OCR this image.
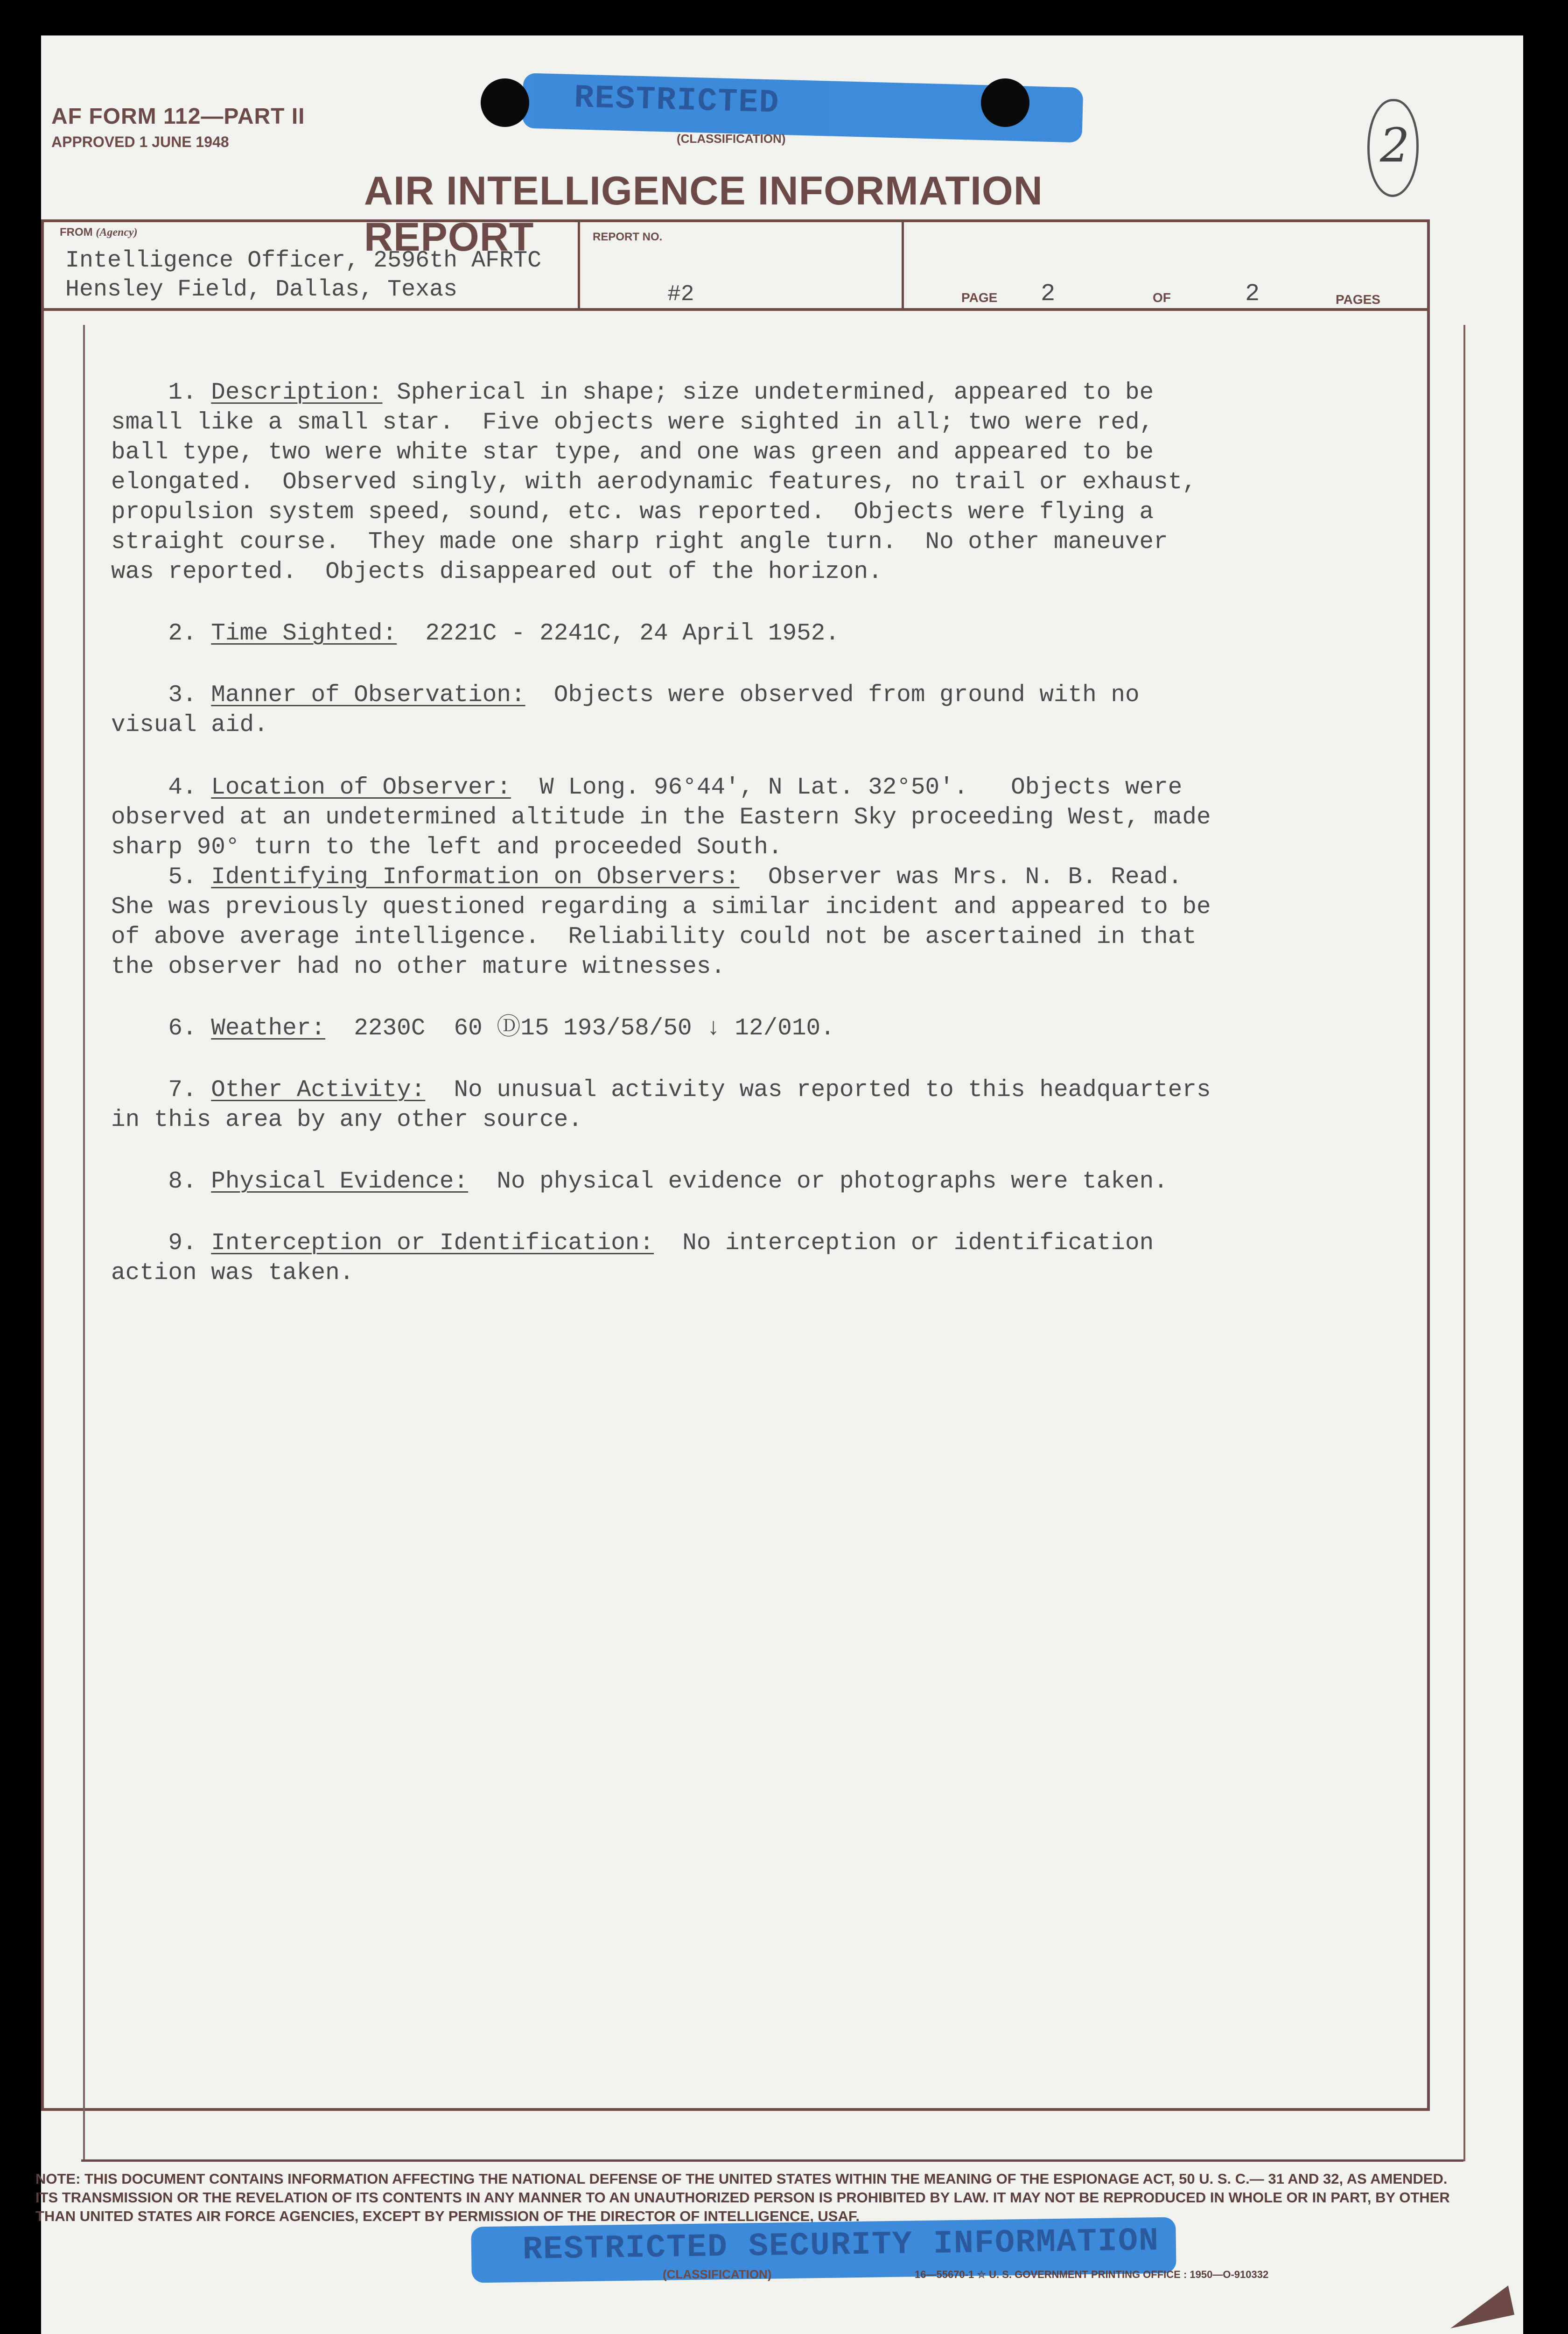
AF FORM 112—PART II
APPROVED 1 JUNE 1948
RESTRICTED
(CLASSIFICATION)	2
AIR INTELLIGENCE INFORMATION REPORT
FROM (Agency)	REPORT NO.
Intelligence Officer, 2596th AFRTC
Hensley Field, Dallas, Texas	#2	PAGE 2	OF	2	PAGES

1. Description: Spherical in shape; size undetermined, appeared to be
small like a small star.  Five objects were sighted in all; two were red,
ball type, two were white star type, and one was green and appeared to be
elongated.  Observed singly, with aerodynamic features, no trail or exhaust,
propulsion system speed, sound, etc. was reported.  Objects were flying a
straight course.  They made one sharp right angle turn.  No other maneuver
was reported.  Objects disappeared out of the horizon.

2. Time Sighted:  2221C - 2241C, 24 April 1952.

3. Manner of Observation:  Objects were observed from ground with no
visual aid.

4. Location of Observer:  W Long. 96°44', N Lat. 32°50'.   Objects were
observed at an undetermined altitude in the Eastern Sky proceeding West, made
sharp 90° turn to the left and proceeded South.

5. Identifying Information on Observers:  Observer was Mrs. N. B. Read.
She was previously questioned regarding a similar incident and appeared to be
of above average intelligence.  Reliability could not be ascertained in that
the observer had no other mature witnesses.

6. Weather:  2230C  60 Ⓓ15 193/58/50 ↓ 12/010.

7. Other Activity:  No unusual activity was reported to this headquarters
in this area by any other source.

8. Physical Evidence:  No physical evidence or photographs were taken.

9. Interception or Identification:  No interception or identification
action was taken.

NOTE: THIS DOCUMENT CONTAINS INFORMATION AFFECTING THE NATIONAL DEFENSE OF THE UNITED STATES WITHIN THE MEANING OF THE ESPIONAGE ACT, 50 U. S. C.— 31 AND 32, AS AMENDED. ITS TRANSMISSION OR THE REVELATION OF ITS CONTENTS IN ANY MANNER TO AN UNAUTHORIZED PERSON IS PROHIBITED BY LAW. IT MAY NOT BE REPRODUCED IN WHOLE OR IN PART, BY OTHER THAN UNITED STATES AIR FORCE AGENCIES, EXCEPT BY PERMISSION OF THE DIRECTOR OF INTELLIGENCE, USAF.
RESTRICTED SECURITY INFORMATION
(CLASSIFICATION)	16—55670-1 ☆ U. S. GOVERNMENT PRINTING OFFICE : 1950—O-910332
